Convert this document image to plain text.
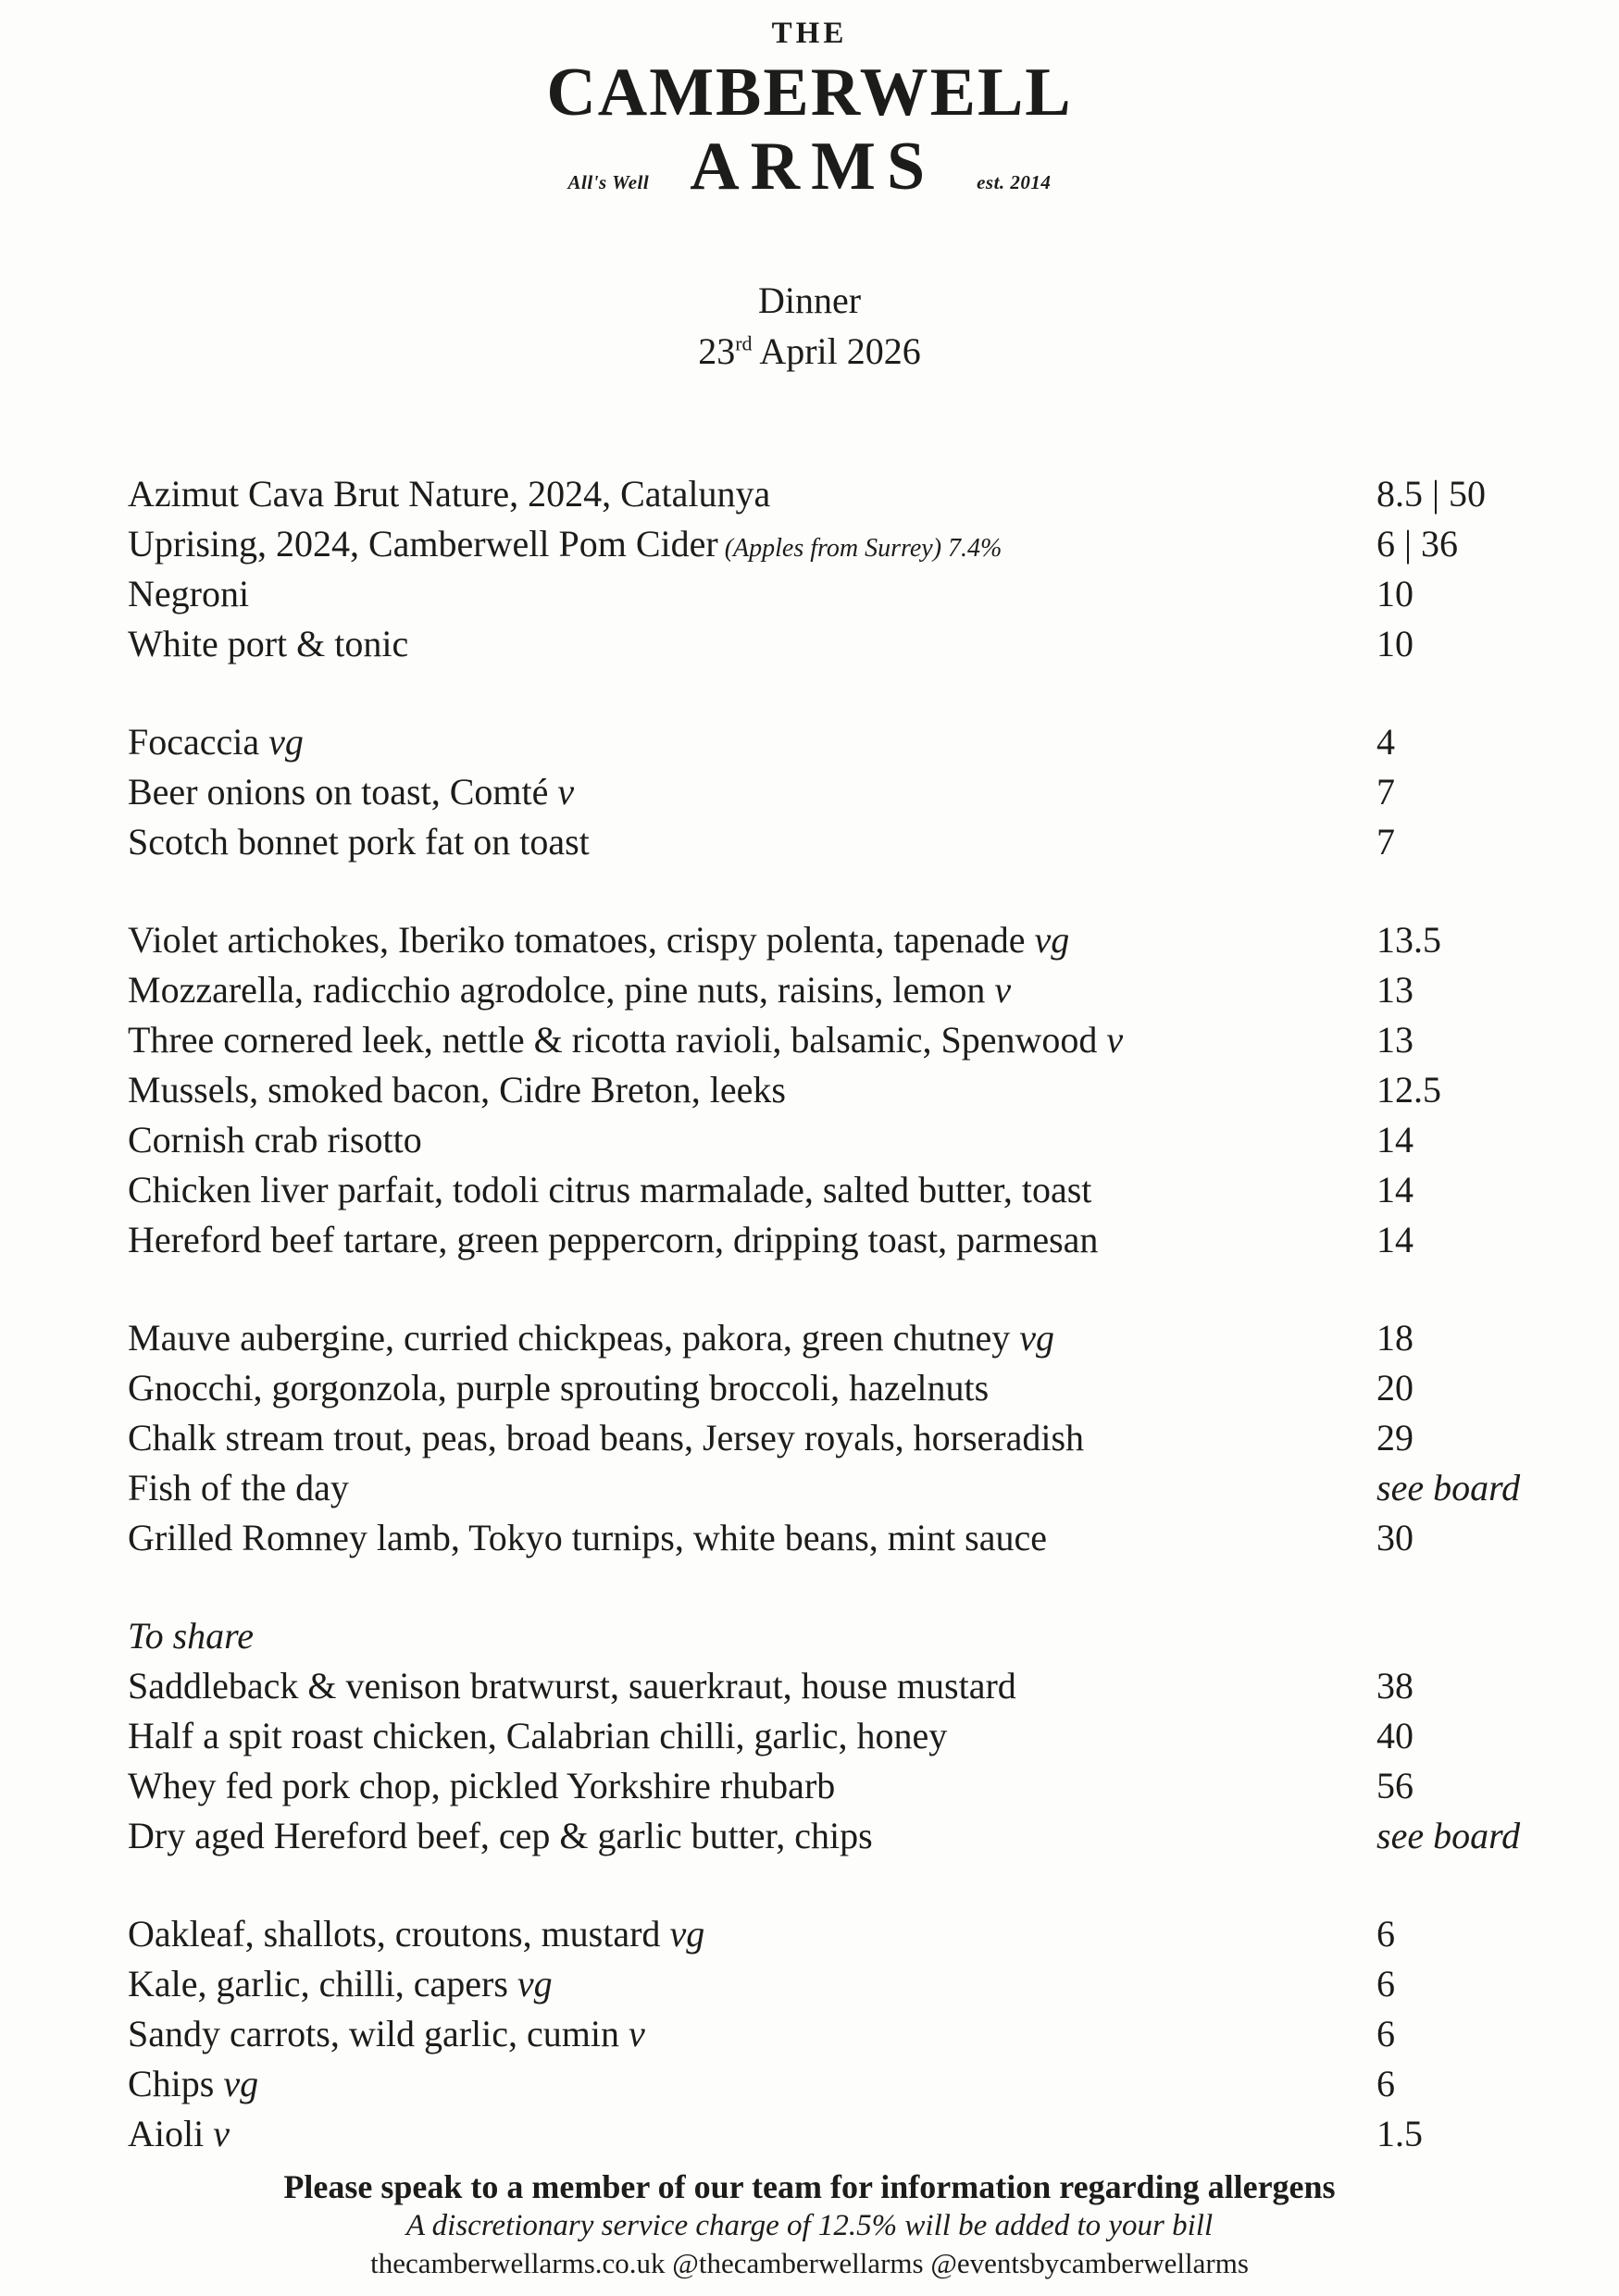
THE
CAMBERWELL
All's Well ARMS est. 2014
Dinner
23rd April 2026
Azimut Cava Brut Nature, 2024, Catalunya	8.5 | 50
Uprising, 2024, Camberwell Pom Cider (Apples from Surrey) 7.4%	6 | 36
Negroni	10
White port & tonic	10
Focaccia vg	4
Beer onions on toast, Comté v	7
Scotch bonnet pork fat on toast	7
Violet artichokes, Iberiko tomatoes, crispy polenta, tapenade vg	13.5
Mozzarella, radicchio agrodolce, pine nuts, raisins, lemon v	13
Three cornered leek, nettle & ricotta ravioli, balsamic, Spenwood v	13
Mussels, smoked bacon, Cidre Breton, leeks	12.5
Cornish crab risotto	14
Chicken liver parfait, todoli citrus marmalade, salted butter, toast	14
Hereford beef tartare, green peppercorn, dripping toast, parmesan	14
Mauve aubergine, curried chickpeas, pakora, green chutney vg	18
Gnocchi, gorgonzola, purple sprouting broccoli, hazelnuts	20
Chalk stream trout, peas, broad beans, Jersey royals, horseradish	29
Fish of the day	see board
Grilled Romney lamb, Tokyo turnips, white beans, mint sauce	30
To share
Saddleback & venison bratwurst, sauerkraut, house mustard	38
Half a spit roast chicken, Calabrian chilli, garlic, honey	40
Whey fed pork chop, pickled Yorkshire rhubarb	56
Dry aged Hereford beef, cep & garlic butter, chips	see board
Oakleaf, shallots, croutons, mustard vg	6
Kale, garlic, chilli, capers vg	6
Sandy carrots, wild garlic, cumin v	6
Chips vg	6
Aioli v	1.5
Please speak to a member of our team for information regarding allergens
A discretionary service charge of 12.5% will be added to your bill
thecamberwellarms.co.uk @thecamberwellarms @eventsbycamberwellarms
